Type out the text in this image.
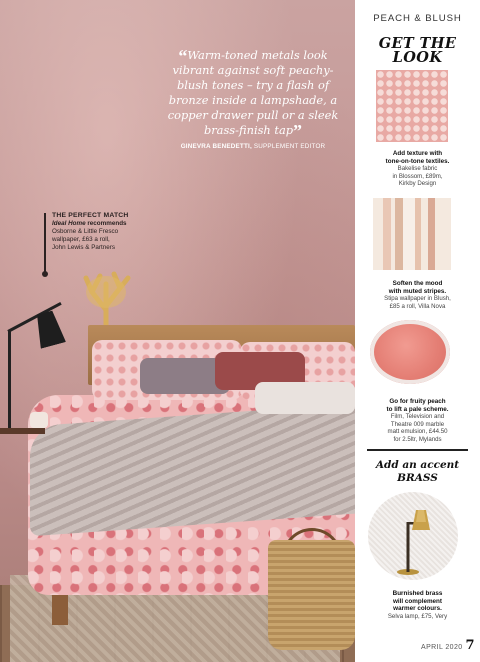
“Warm-toned metals look vibrant against soft peachy-blush tones – try a flash of bronze inside a lampshade, a copper drawer pull or a sleek brass-finish tap”
GINEVRA BENEDETTI, SUPPLEMENT EDITOR
THE PERFECT MATCH
Ideal Home recommends
Osborne & Little Fresco
wallpaper, £63 a roll,
John Lewis & Partners
PEACH & BLUSH
GET THE
LOOK
Add texture with
tone-on-tone textiles.
Bakelise fabric
in Blossom, £89m,
Kirkby Design
Soften the mood
with muted stripes.
Stipa wallpaper in Blush,
£85 a roll, Villa Nova
Go for fruity peach
to lift a pale scheme.
Film, Television and
Theatre 009 marble
matt emulsion, £44.50
for 2.5ltr, Mylands
Add an accent
BRASS
Burnished brass
will complement
warmer colours.
Selva lamp, £75, Very
APRIL 2020 7
